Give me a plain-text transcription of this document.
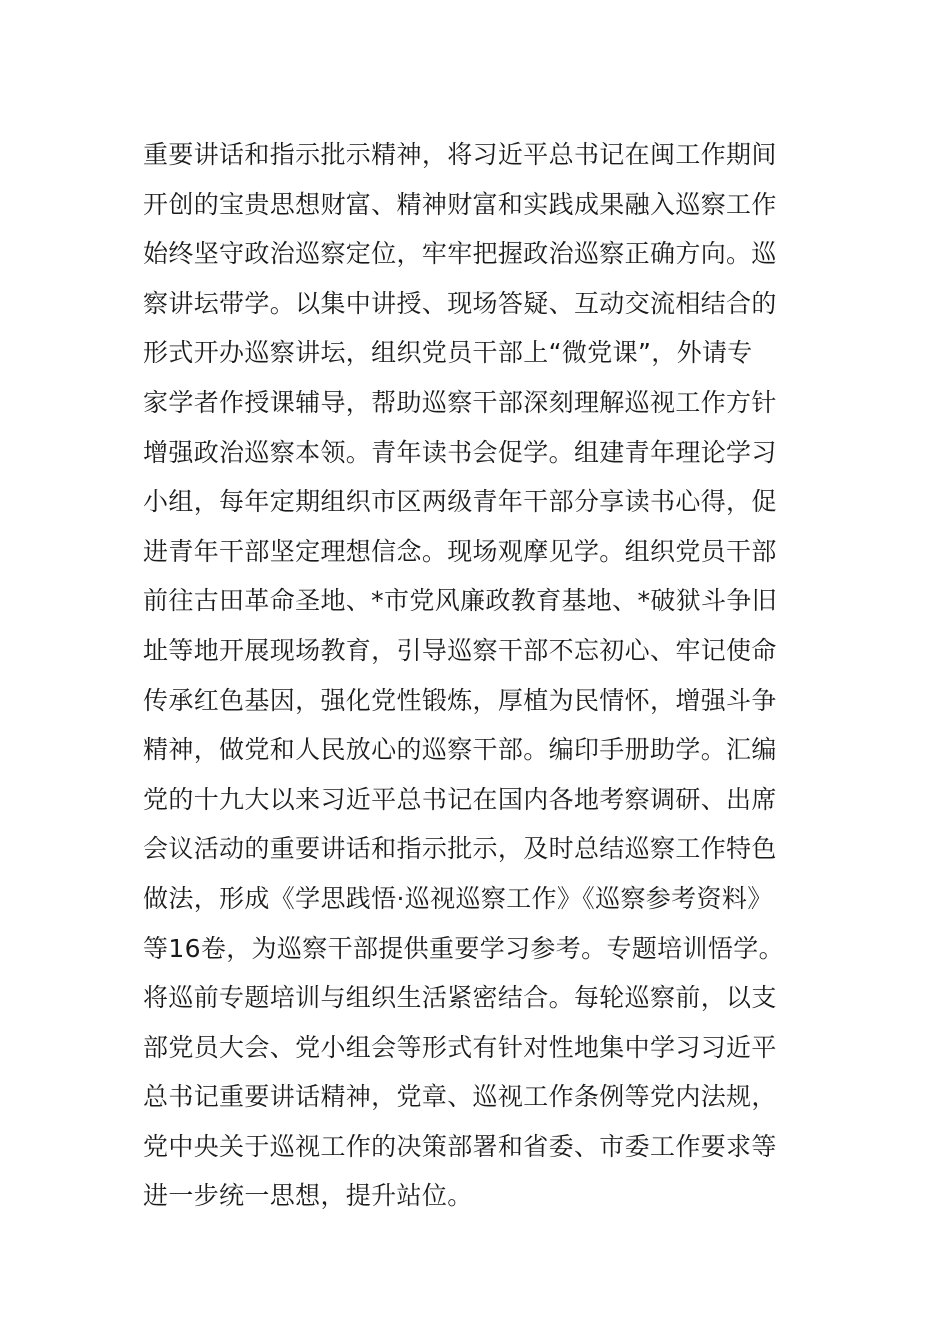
重要讲话和指示批示精神，将习近平总书记在闽工作期间
开创的宝贵思想财富、精神财富和实践成果融入巡察工作
始终坚守政治巡察定位，牢牢把握政治巡察正确方向。巡
察讲坛带学。以集中讲授、现场答疑、互动交流相结合的
形式开办巡察讲坛，组织党员干部上“微党课”，外请专
家学者作授课辅导，帮助巡察干部深刻理解巡视工作方针
增强政治巡察本领。青年读书会促学。组建青年理论学习
小组，每年定期组织市区两级青年干部分享读书心得，促
进青年干部坚定理想信念。现场观摩见学。组织党员干部
前往古田革命圣地、*市党风廉政教育基地、*破狱斗争旧
址等地开展现场教育，引导巡察干部不忘初心、牢记使命
传承红色基因，强化党性锻炼，厚植为民情怀，增强斗争
精神，做党和人民放心的巡察干部。编印手册助学。汇编
党的十九大以来习近平总书记在国内各地考察调研、出席
会议活动的重要讲话和指示批示，及时总结巡察工作特色
做法，形成《学思践悟·巡视巡察工作》《巡察参考资料》
等16卷，为巡察干部提供重要学习参考。专题培训悟学。
将巡前专题培训与组织生活紧密结合。每轮巡察前，以支
部党员大会、党小组会等形式有针对性地集中学习习近平
总书记重要讲话精神，党章、巡视工作条例等党内法规，
党中央关于巡视工作的决策部署和省委、市委工作要求等
进一步统一思想，提升站位。
